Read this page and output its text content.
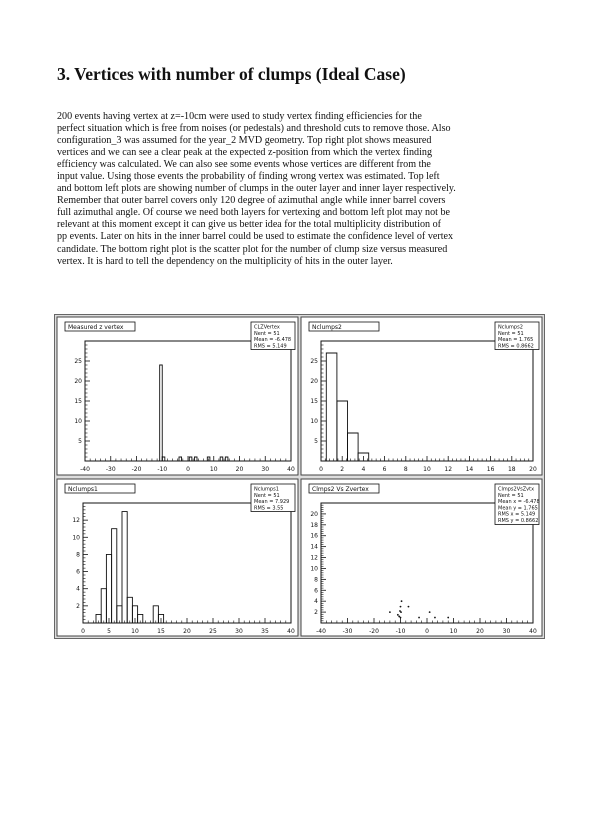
3. Vertices with number of clumps (Ideal Case)
200 events having vertex at z=-10cm were used to study vertex finding efficiencies for the
perfect situation which is free from noises (or pedestals) and threshold cuts to remove those. Also
configuration_3 was assumed for the year_2 MVD geometry. Top right plot shows measured
vertices and we can see a clear peak at the expected z-position from which the vertex finding
efficiency was calculated. We can also see some events whose vertices are different from the
input value. Using those events the probability of finding wrong vertex was estimated. Top left
and bottom left plots are showing number of clumps in the outer layer and inner layer respectively.
Remember that outer barrel covers only 120 degree of azimuthal angle while inner barrel covers
full azimuthal angle. Of course we need both layers for vertexing and bottom left plot may not be
relevant at this moment except it can give us better idea for the total multiplicity distribution of
pp events. Later on hits in the inner barrel could be used to estimate the confidence level of vertex
candidate. The bottom right plot is the scatter plot for the number of clump size versus measured
vertex. It is hard to tell the dependency on the multiplicity of hits in the outer layer.
-40	-30	-20	-10	0	10	20	30	40
5
10
15
20
25
Measured z vertex	CLZVertex
Nent = 51
Mean = -6.478
RMS = 5.149
0	2	4	6	8	10 12 14 16 18 20
5
10
15
20
25
Nclumps2	Nclumps2
Nent = 51
Mean = 1.765
RMS = 0.8662
0	5	10	15	20	25	30	35	40
2
4
6
8
10
12
Nclumps1	Nclumps1
Nent = 51
Mean = 7.929
RMS = 3.55
-40	-30	-20	-10	0	10	20	30	40
2
4
6
8
10
12
14
16
18
20
Clmps2 Vs Zvertex	Clmps2VsZvtx
Nent = 51
Mean x = -6.478
Mean y = 1.765
RMS x = 5.149
RMS y = 0.8662
